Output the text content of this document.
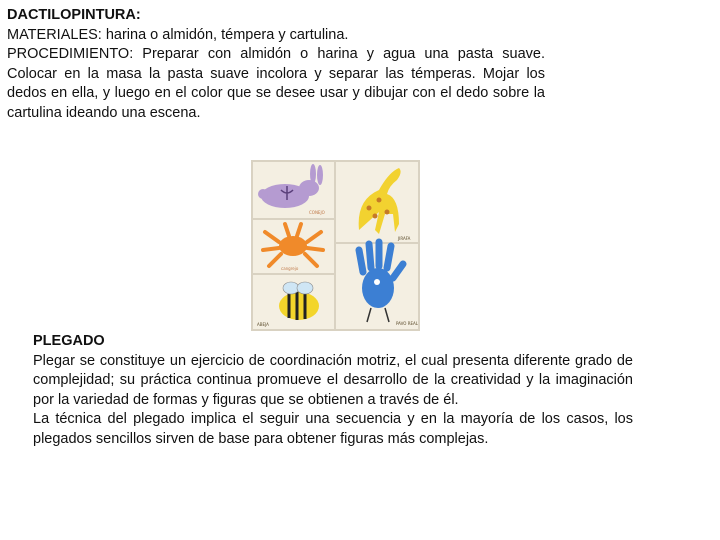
DACTILOPINTURA:

MATERIALES: harina o almidón, témpera y cartulina.

PROCEDIMIENTO: Preparar con almidón o harina y agua una pasta suave. Colocar en la masa la pasta suave incolora y separar las témperas. Mojar los dedos en ella, y luego en el color que se desee usar y dibujar con el dedo sobre la cartulina ideando una escena.

CONEJO
JIRAFA
cangrejo
PAVO REAL
ABEJA

PLEGADO

Plegar se constituye un ejercicio de coordinación motriz, el cual presenta diferente grado de complejidad; su práctica continua promueve el desarrollo de la creatividad y la imaginación por la variedad de formas y figuras que se obtienen a través de él.

La técnica del plegado implica el seguir una secuencia y en la mayoría de los casos, los plegados sencillos sirven de base para obtener figuras más complejas.
